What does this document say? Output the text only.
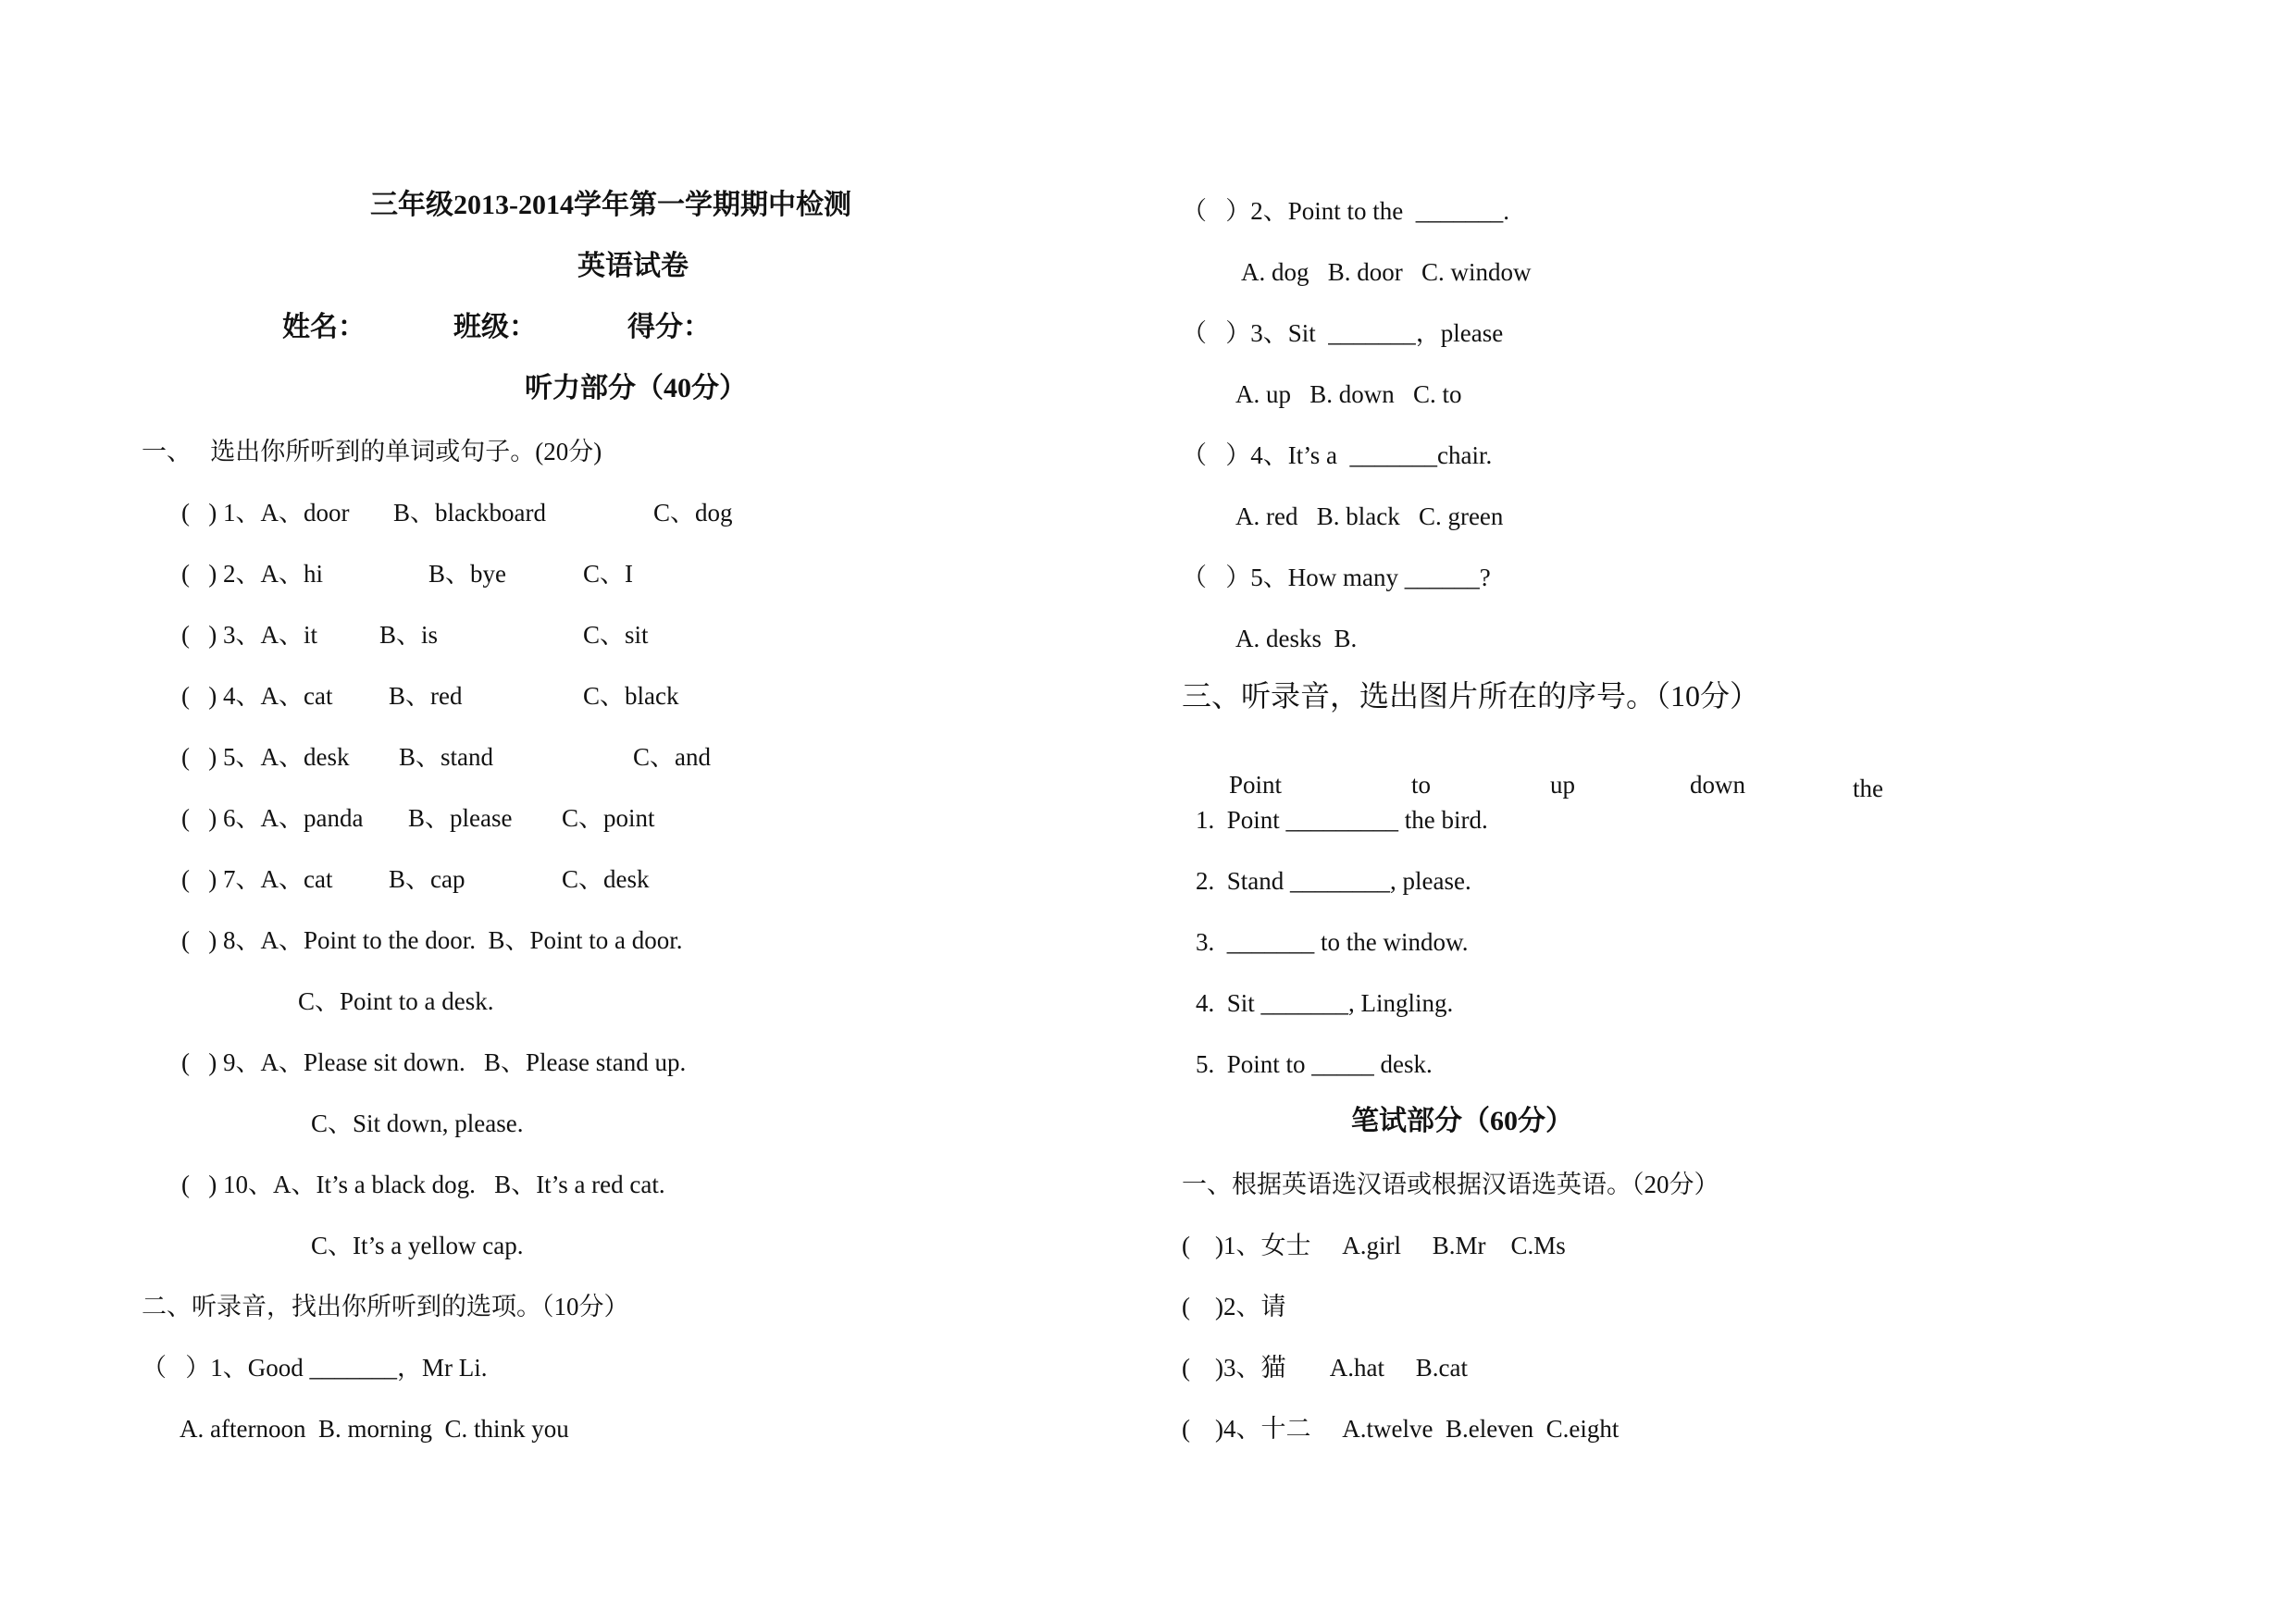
三年级2013-2014学年第一学期期中检测
英语试卷
姓名：	班级：	得分：
听力部分（40分）
一、   选出你所听到的单词或句子。(20分)
(   ) 1、A、door B、blackboard	C、dog
(   ) 2、A、hi	B、bye	C、I
(   ) 3、A、it B、is	C、sit
(   ) 4、A、cat B、red	C、black
(   ) 5、A、desk B、stand	C、and
(   ) 6、A、panda B、please C、point
(   ) 7、A、cat B、cap	C、desk
(   ) 8、A、Point to the door.  B、Point to a door.
C、Point to a desk.
(   ) 9、A、Please sit down.   B、Please stand up.
C、Sit down, please.
(   ) 10、A、It’s a black dog.   B、It’s a red cat.
C、It’s a yellow cap.
二、听录音，找出你所听到的选项。（10分）
（   ）1、Good _______，Mr Li.
A. afternoon  B. morning  C. think you
（   ）2、Point to the  _______.
A. dog   B. door   C. window
（   ）3、Sit  _______，please
A. up   B. down   C. to
（   ）4、It’s a  _______chair.
A. red   B. black   C. green
（   ）5、How many ______?
A. desks  B.
三、听录音，选出图片所在的序号。（10分）
Point	to	up	down	the
1.  Point _________ the bird.
2.  Stand ________, please.
3.  _______ to the window.
4.  Sit _______, Lingling.
5.  Point to _____ desk.
笔试部分（60分）
一、根据英语选汉语或根据汉语选英语。（20分）
(    )1、女士     A.girl     B.Mr    C.Ms
(    )2、请
(    )3、猫       A.hat     B.cat
(    )4、十二     A.twelve  B.eleven  C.eight
